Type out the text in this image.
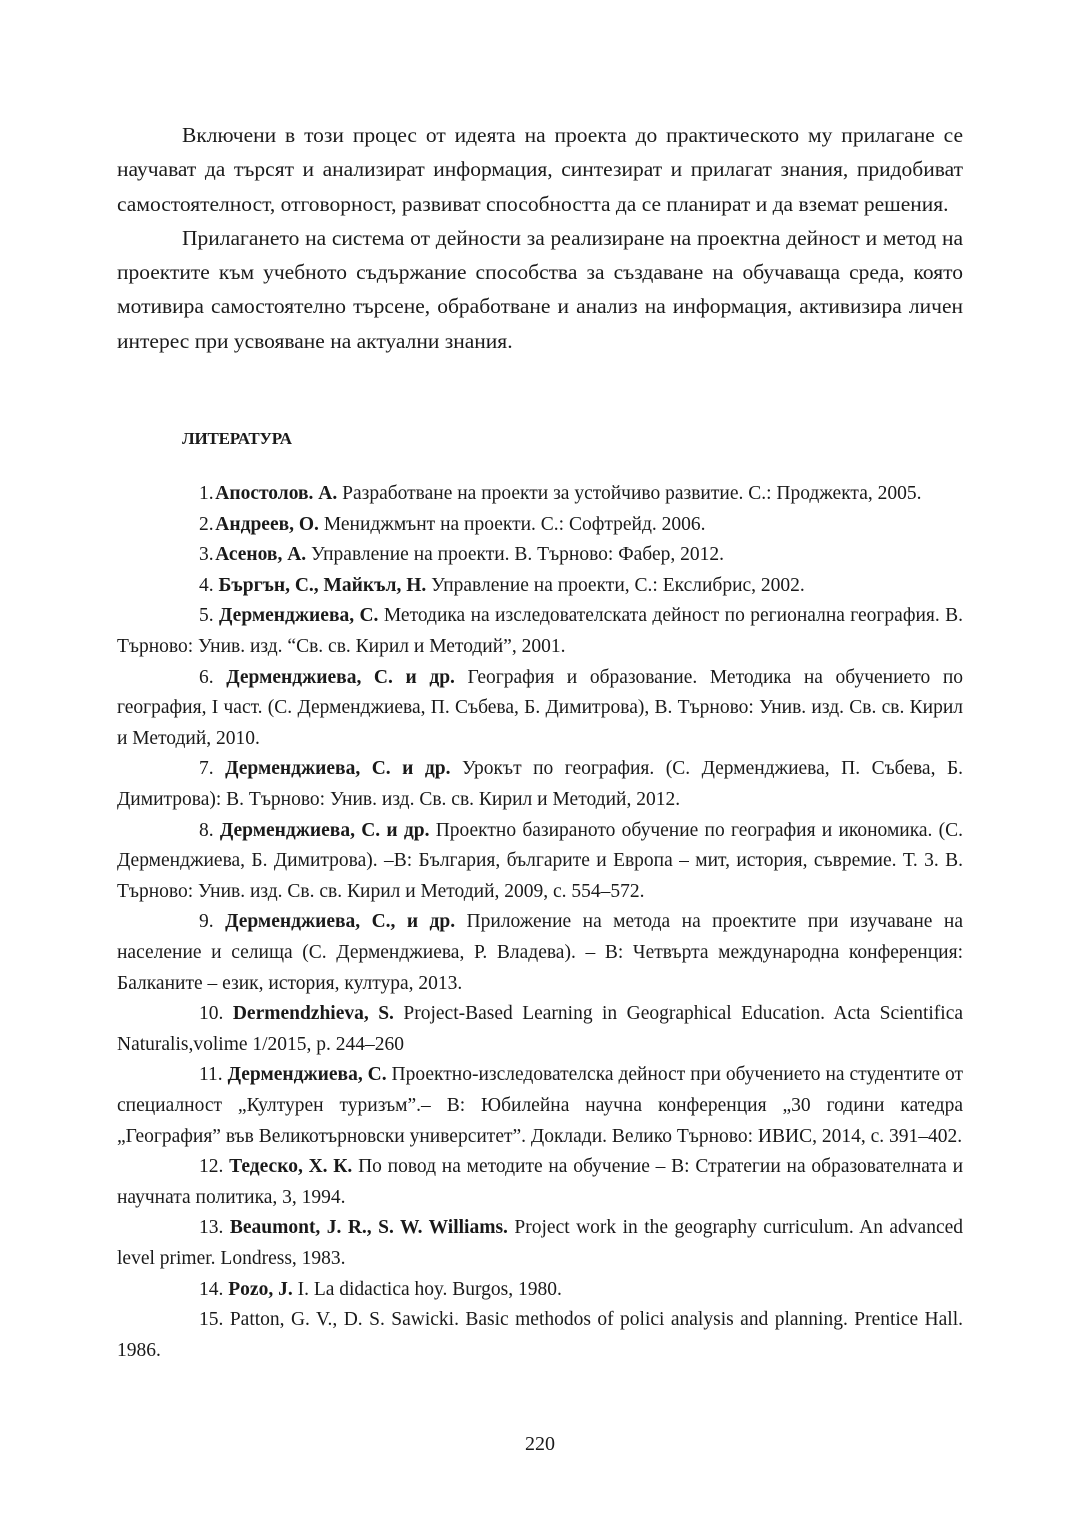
Включени в този процес от идеята на проекта до практическото му прилагане се научават да търсят и анализират информация, синтезират и прилагат знания, придобиват самостоятелност, отговорност, развиват способността да се планират и да вземат решения.

Прилагането на система от дейности за реализиране на проектна дейност и метод на проектите към учебното съдържание способства за създаване на обучаваща среда, която мотивира самостоятелно търсене, обработване и анализ на информация, активизира личен интерес при усвояване на актуални знания.

ЛИТЕРАТУРА

1. Апостолов. А. Разработване на проекти за устойчиво развитие. С.: Проджекта, 2005.

2. Андреев, О. Мениджмънт на проекти. С.: Софтрейд. 2006.

3. Асенов, А. Управление на проекти. В. Търново: Фабер, 2012.

4. Бъргън, С., Майкъл, Н. Управление на проекти, С.: Екслибрис, 2002.

5. Дерменджиева, С. Методика на изследователската дейност по регионална география. В. Търново: Унив. изд. “Св. св. Кирил и Методий”, 2001.

6. Дерменджиева, С. и др. География и образование. Методика на обучението по география, I част. (С. Дерменджиева, П. Събева, Б. Димитрова), В. Търново: Унив. изд. Св. св. Кирил и Методий, 2010.

7. Дерменджиева, С. и др. Урокът по география. (С. Дерменджиева, П. Събева, Б. Димитрова): В. Търново: Унив. изд. Св. св. Кирил и Методий, 2012.

8. Дерменджиева, С. и др. Проектно базираното обучение по география и икономика. (С. Дерменджиева, Б. Димитрова). –В: България, българите и Европа – мит, история, съвремие. Т. 3. В. Търново: Унив. изд. Св. св. Кирил и Методий, 2009, с. 554–572.

9. Дерменджиева, С., и др. Приложение на метода на проектите при изучаване на население и селища (С. Дерменджиева, Р. Владева). – В: Четвърта международна конференция: Балканите – език, история, култура, 2013.

10. Dermendzhieva, S. Project-Based Learning in Geographical Education. Acta Scientifica Naturalis,volime 1/2015, p. 244–260

11. Дерменджиева, С. Проектно-изследователска дейност при обучението на студентите от специалност „Културен туризъм”.– В: Юбилейна научна конференция „30 години катедра „География” във Великотърновски университет”. Доклади. Велико Търново: ИВИС, 2014, с. 391–402.

12. Тедеско, Х. К. По повод на методите на обучение – В: Стратегии на образователната и научната политика, 3, 1994.

13. Beaumont, J. R., S. W. Williams. Project work in the geography curriculum. An advanced level primer. Londress, 1983.

14. Pozo, J. I. La didactica hoy. Burgos, 1980.

15. Patton, G. V., D. S. Sawicki. Basic methodos of polici analysis and planning. Prentice Hall. 1986.

220
